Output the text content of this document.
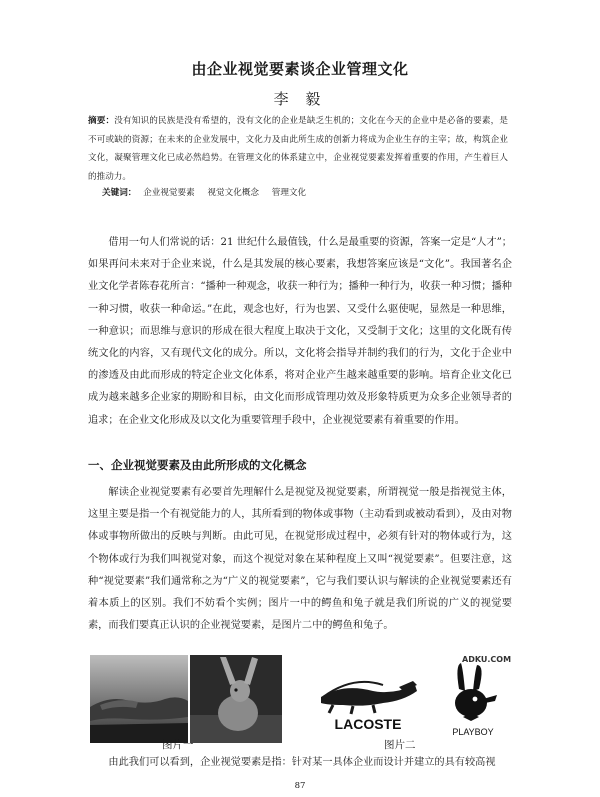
由企业视觉要素谈企业管理文化
李 毅
摘要：没有知识的民族是没有希望的，没有文化的企业是缺乏生机的；文化在今天的企业中是必备的要素，是不可或缺的资源；在未来的企业发展中，文化力及由此所生成的创新力将成为企业生存的主宰；故，构筑企业文化，凝聚管理文化已成必然趋势。在管理文化的体系建立中，企业视觉要素发挥着重要的作用，产生着巨人的推动力。
关键词： 企业视觉要素 视觉文化概念 管理文化
借用一句人们常说的话：21 世纪什么最值钱，什么是最重要的资源，答案一定是“人才”；如果再问未来对于企业来说，什么是其发展的核心要素，我想答案应该是“文化”。我国著名企业文化学者陈春花所言：“播种一种观念，收获一种行为；播种一种行为，收获一种习惯；播种一种习惯，收获一种命运。”在此，观念也好，行为也罢、又受什么驱使呢，显然是一种思维，一种意识；而思维与意识的形成在很大程度上取决于文化，又受制于文化；这里的文化既有传统文化的内容，又有现代文化的成分。所以，文化将会指导并制约我们的行为，文化于企业中的渗透及由此而形成的特定企业文化体系，将对企业产生越来越重要的影响。培育企业文化已成为越来越多企业家的期盼和目标，由文化而形成管理功效及形象特质更为众多企业领导者的追求；在企业文化形成及以文化为重要管理手段中，企业视觉要素有着重要的作用。
一、企业视觉要素及由此所形成的文化概念
解读企业视觉要素有必要首先理解什么是视觉及视觉要素，所谓视觉一般是指视觉主体，这里主要是指一个有视觉能力的人，其所看到的物体或事物（主动看到或被动看到），及由对物体或事物所做出的反映与判断。由此可见，在视觉形成过程中，必须有针对的物体或行为，这个物体或行为我们叫视觉对象，而这个视觉对象在某种程度上又叫“视觉要素”。但要注意，这种“视觉要素”我们通常称之为“广义的视觉要素”，它与我们要认识与解读的企业视觉要素还有着本质上的区别。我们不妨看个实例；图片一中的鳄鱼和兔子就是我们所说的广义的视觉要素，而我们要真正认识的企业视觉要素，是图片二中的鳄鱼和兔子。
LACOSTE	PLAYBOY
ADKU.COM
图片一	图片二
由此我们可以看到，企业视觉要素是指：针对某一具体企业而设计并建立的具有较高视
87
